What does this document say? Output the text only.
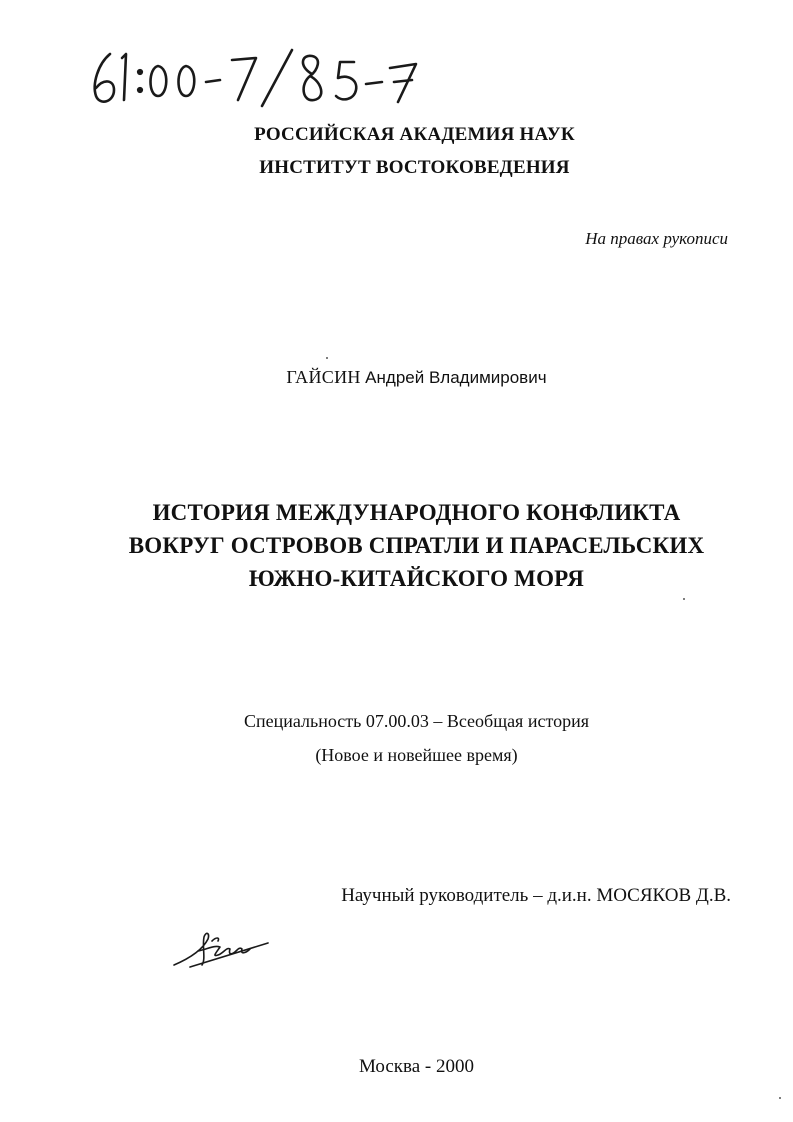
РОССИЙСКАЯ АКАДЕМИЯ НАУК
ИНСТИТУТ ВОСТОКОВЕДЕНИЯ
На правах рукописи
ГАЙСИН Андрей Владимирович
ИСТОРИЯ МЕЖДУНАРОДНОГО КОНФЛИКТА
ВОКРУГ ОСТРОВОВ СПРАТЛИ И ПАРАСЕЛЬСКИХ
ЮЖНО-КИТАЙСКОГО МОРЯ
Специальность 07.00.03 – Всеобщая история
(Новое и новейшее время)
Научный руководитель – д.и.н. МОСЯКОВ Д.В.
Москва - 2000
